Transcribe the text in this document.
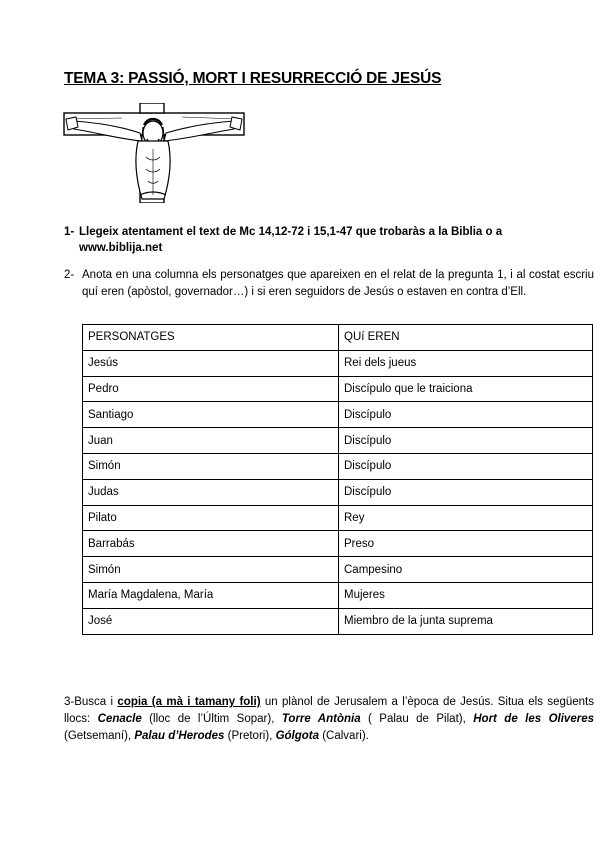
TEMA 3: PASSIÓ, MORT I RESURRECCIÓ DE JESÚS
1- Llegeix atentament el text de Mc 14,12-72 i 15,1-47 que trobaràs a la Biblia o a
www.biblija.net
2- Anota en una columna els personatges que apareixen en el relat de la pregunta 1, i al costat escriu quí eren (apòstol, governador…) i si eren seguidors de Jesús o estaven en contra d’Ell.
PERSONATGES	QUí EREN
Jesús	Rei dels jueus
Pedro	Discípulo que le traiciona
Santiago	Discípulo
Juan	Discípulo
Simón	Discípulo
Judas	Discípulo
Pilato	Rey
Barrabás	Preso
Simón	Campesino
María Magdalena, María	Mujeres
José	Miembro de la junta suprema
3-Busca i copia (a mà i tamany foli) un plànol de Jerusalem a l’època de Jesús. Situa els següents llocs: Cenacle (lloc de l’Últim Sopar), Torre Antònia ( Palau de Pilat), Hort de les Oliveres (Getsemaní), Palau d’Herodes (Pretori), Gólgota (Calvari).
